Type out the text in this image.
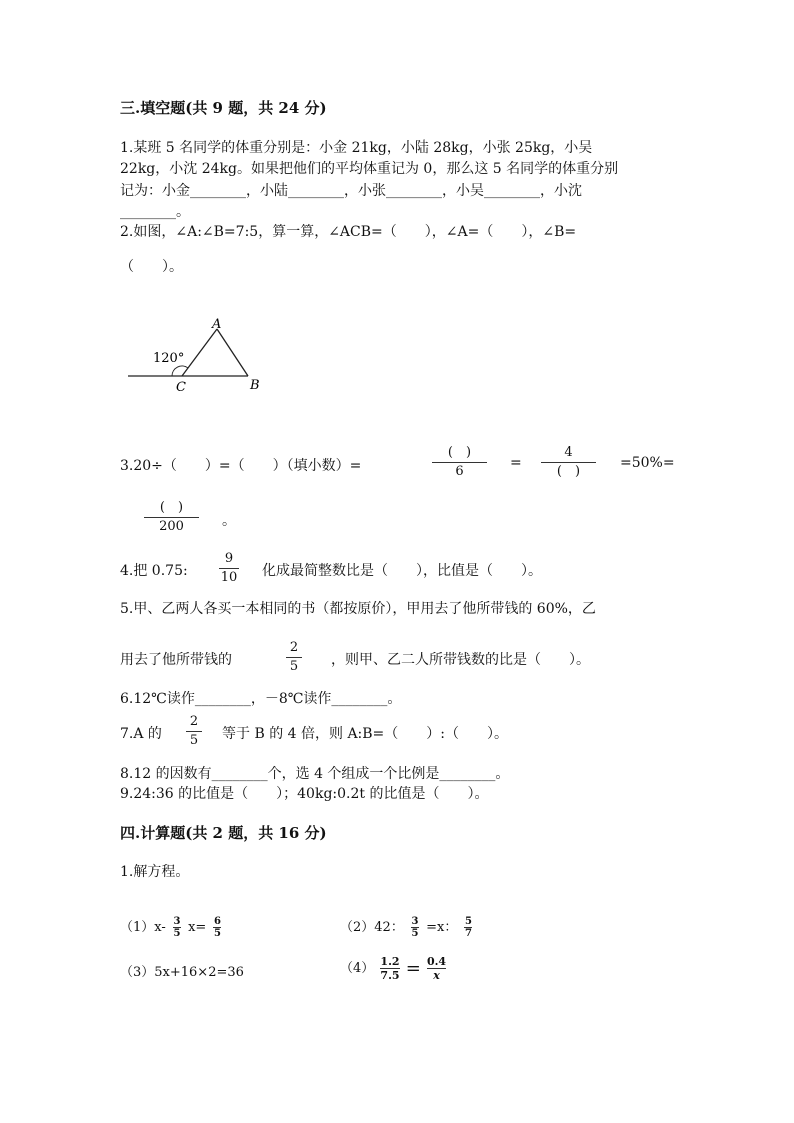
三.填空题(共 9 题，共 24 分)
1.某班 5 名同学的体重分别是：小金 21kg，小陆 28kg，小张 25kg，小吴
22kg，小沈 24kg。如果把他们的平均体重记为 0，那么这 5 名同学的体重分别
记为：小金________，小陆________，小张________，小吴________，小沈
________。
2.如图，∠A:∠B=7:5，算一算，∠ACB=（　　），∠A=（　　），∠B=
（　　）。
A
B
C
120°
3.20÷（　　）=（　　）（填小数）=
(　)
6
=
4
(　)
=50%=
(　)
200	。
4.把 0.75:
9
10 化成最简整数比是（　　），比值是（　　）。
5.甲、乙两人各买一本相同的书（都按原价），甲用去了他所带钱的 60%，乙
用去了他所带钱的
2
5 ，则甲、乙二人所带钱数的比是（　　）。
6.12℃读作________，－8℃读作________。
7.A 的
2
5 等于 B 的 4 倍，则 A:B=（　　）:（　　）。
8.12 的因数有________个，选 4 个组成一个比例是________。
9.24:36 的比值是（　　）；40kg:0.2t 的比值是（　　）。
四.计算题(共 2 题，共 16 分)
1.解方程。
$(1)x- \frac{3}{5} x= \frac{6}{5}$	（2）42： $\frac{3}{5} =x$： $\frac{5}{7}$
（3）5x+16×2=36	$(4) \frac{1.2}{7.5} = \frac{0.4}{x}$
